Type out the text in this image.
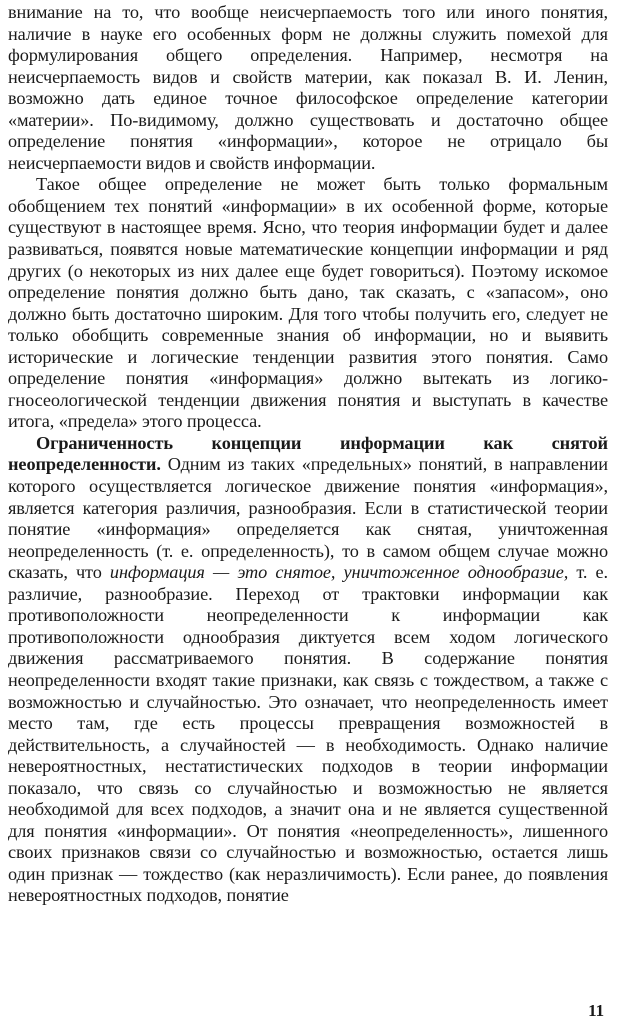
внимание на то, что вообще неисчерпаемость того или иного понятия, наличие в науке его особенных форм не должны служить помехой для формулирования общего определения. Например, несмотря на неисчерпаемость видов и свойств материи, как показал В. И. Ленин, возможно дать единое точное философское определение категории «материи». По-видимому, должно существовать и достаточно общее определение понятия «информации», которое не отрицало бы неисчерпаемости видов и свойств информации.

Такое общее определение не может быть только формальным обобщением тех понятий «информации» в их особенной форме, которые существуют в настоящее время. Ясно, что теория информации будет и далее развиваться, появятся новые математические концепции информации и ряд других (о некоторых из них далее еще будет говориться). Поэтому искомое определение понятия должно быть дано, так сказать, с «запасом», оно должно быть достаточно широким. Для того чтобы получить его, следует не только обобщить современные знания об информации, но и выявить исторические и логические тенденции развития этого понятия. Само определение понятия «информация» должно вытекать из логико-гносеологической тенденции движения понятия и выступать в качестве итога, «предела» этого процесса.

Ограниченность концепции информации как снятой неопределенности. Одним из таких «предельных» понятий, в направлении которого осуществляется логическое движение понятия «информация», является категория различия, разнообразия. Если в статистической теории понятие «информация» определяется как снятая, уничтоженная неопределенность (т. е. определенность), то в самом общем случае можно сказать, что информация — это снятое, уничтоженное однообразие, т. е. различие, разнообразие. Переход от трактовки информации как противоположности неопределенности к информации как противоположности однообразия диктуется всем ходом логического движения рассматриваемого понятия. В содержание понятия неопределенности входят такие признаки, как связь с тождеством, а также с возможностью и случайностью. Это означает, что неопределенность имеет место там, где есть процессы превращения возможностей в действительность, а случайностей — в необходимость. Однако наличие невероятностных, нестатистических подходов в теории информации показало, что связь со случайностью и возможностью не является необходимой для всех подходов, а значит она и не является существенной для понятия «информации». От понятия «неопределенность», лишенного своих признаков связи со случайностью и возможностью, остается лишь один признак — тождество (как неразличимость). Если ранее, до появления невероятностных подходов, понятие

11
